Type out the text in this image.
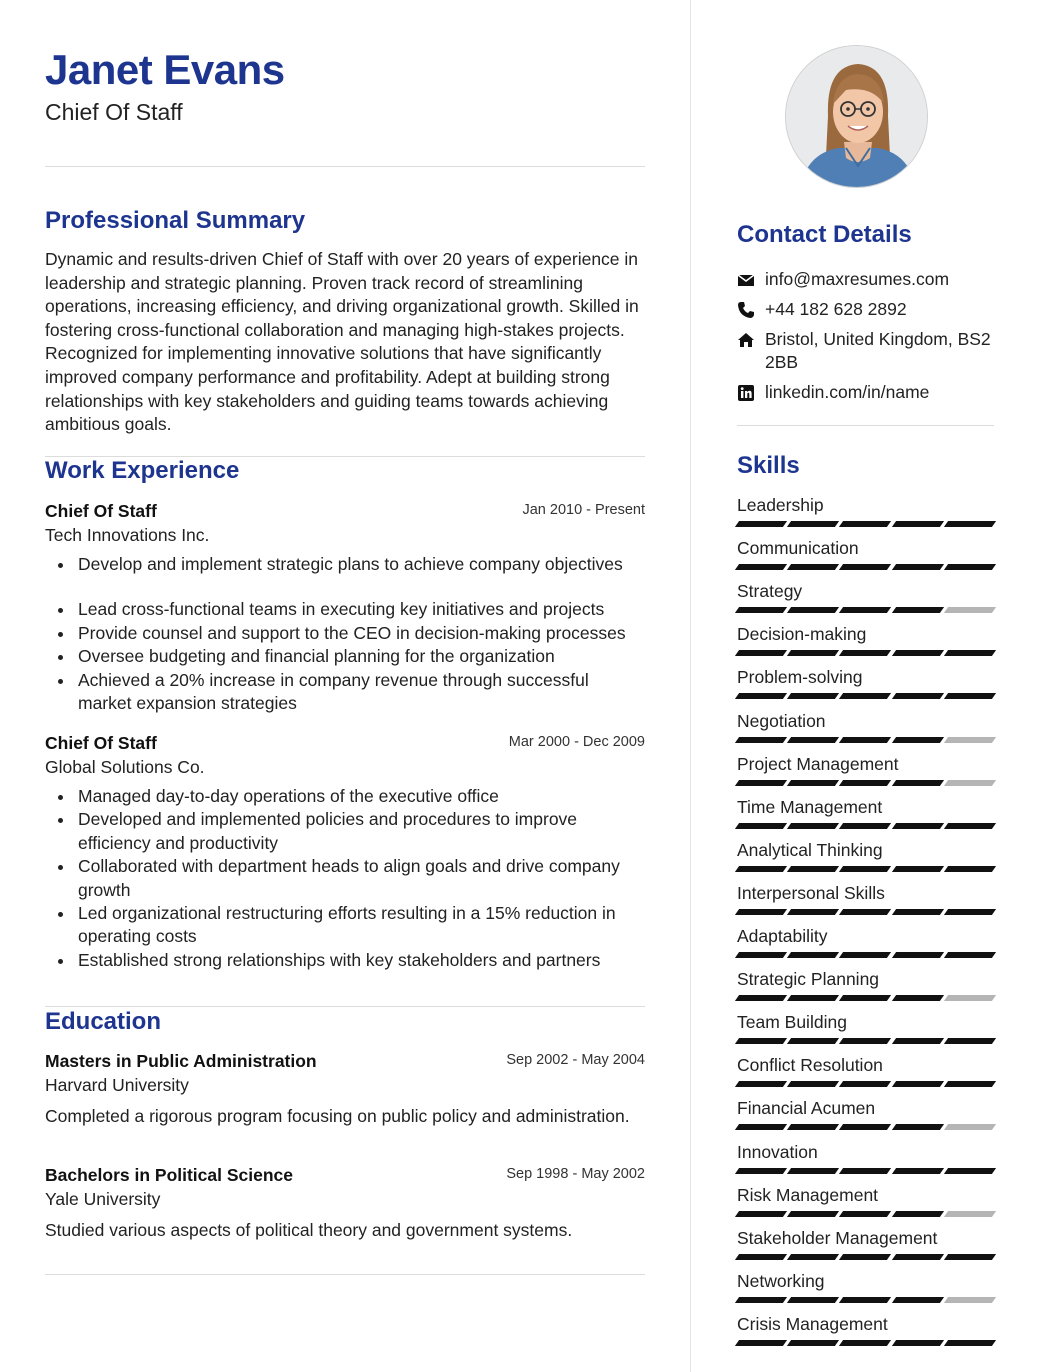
Janet Evans
Chief Of Staff
Professional Summary
Dynamic and results-driven Chief of Staff with over 20 years of experience in leadership and strategic planning. Proven track record of streamlining operations, increasing efficiency, and driving organizational growth. Skilled in fostering cross-functional collaboration and managing high-stakes projects. Recognized for implementing innovative solutions that have significantly improved company performance and profitability. Adept at building strong relationships with key stakeholders and guiding teams towards achieving ambitious goals.
Work Experience
Chief Of Staff	Jan 2010 - Present
Tech Innovations Inc.
Develop and implement strategic plans to achieve company objectives
Lead cross-functional teams in executing key initiatives and projects
Provide counsel and support to the CEO in decision-making processes
Oversee budgeting and financial planning for the organization
Achieved a 20% increase in company revenue through successful market expansion strategies
Chief Of Staff	Mar 2000 - Dec 2009
Global Solutions Co.
Managed day-to-day operations of the executive office
Developed and implemented policies and procedures to improve efficiency and productivity
Collaborated with department heads to align goals and drive company growth
Led organizational restructuring efforts resulting in a 15% reduction in operating costs
Established strong relationships with key stakeholders and partners
Education
Masters in Public Administration	Sep 2002 - May 2004
Harvard University
Completed a rigorous program focusing on public policy and administration.
Bachelors in Political Science	Sep 1998 - May 2002
Yale University
Studied various aspects of political theory and government systems.
Contact Details
info@maxresumes.com
+44 182 628 2892
Bristol, United Kingdom, BS2 2BB
linkedin.com/in/name
Skills
Leadership
Communication
Strategy
Decision-making
Problem-solving
Negotiation
Project Management
Time Management
Analytical Thinking
Interpersonal Skills
Adaptability
Strategic Planning
Team Building
Conflict Resolution
Financial Acumen
Innovation
Risk Management
Stakeholder Management
Networking
Crisis Management
